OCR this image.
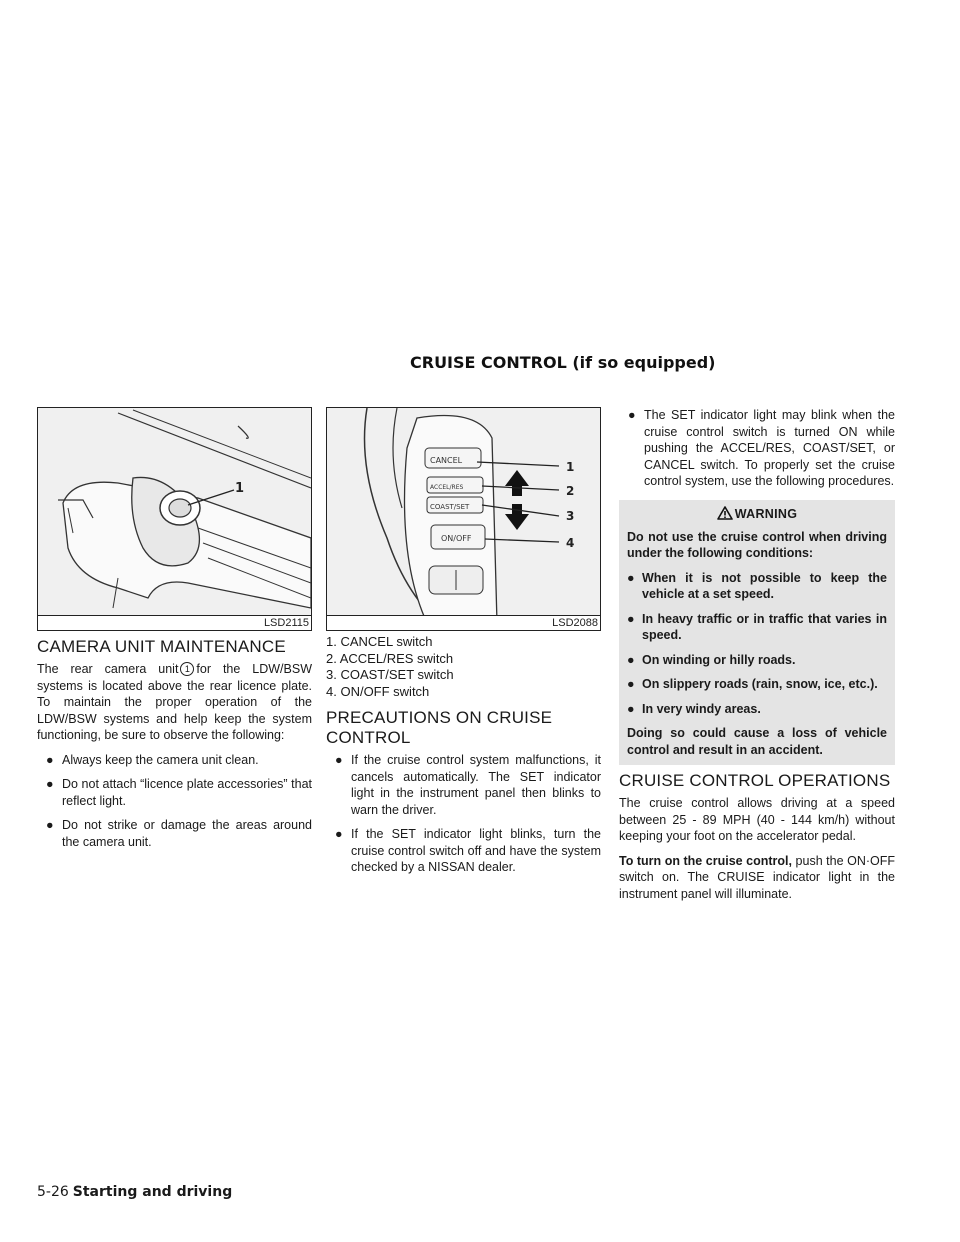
CRUISE CONTROL (if so equipped)
1
LSD2115
CAMERA UNIT MAINTENANCE

The rear camera unit 1 for the LDW/BSW systems is located above the rear licence plate. To maintain the proper operation of the LDW/BSW systems and help keep the system functioning, be sure to observe the following:

● Always keep the camera unit clean.
● Do not attach “licence plate accessories” that reflect light.
● Do not strike or damage the areas around the camera unit.
CANCEL
ACCEL/RES
COAST/SET
ON/OFF
1
2
3
4
LSD2088
1. CANCEL switch
2. ACCEL/RES switch
3. COAST/SET switch
4. ON/OFF switch
PRECAUTIONS ON CRUISE CONTROL
● If the cruise control system malfunctions, it cancels automatically. The SET indicator light in the instrument panel then blinks to warn the driver.
● If the SET indicator light blinks, turn the cruise control switch off and have the system checked by a NISSAN dealer.
● The SET indicator light may blink when the cruise control switch is turned ON while pushing the ACCEL/RES, COAST/SET, or CANCEL switch. To properly set the cruise control system, use the following procedures.
WARNING

Do not use the cruise control when driving under the following conditions:

● When it is not possible to keep the vehicle at a set speed.
● In heavy traffic or in traffic that varies in speed.
● On winding or hilly roads.
● On slippery roads (rain, snow, ice, etc.).
● In very windy areas.

Doing so could cause a loss of vehicle control and result in an accident.

CRUISE CONTROL OPERATIONS

The cruise control allows driving at a speed between 25 - 89 MPH (40 - 144 km/h) without keeping your foot on the accelerator pedal.

To turn on the cruise control, push the ON·OFF switch on. The CRUISE indicator light in the instrument panel will illuminate.

5-26 Starting and driving
